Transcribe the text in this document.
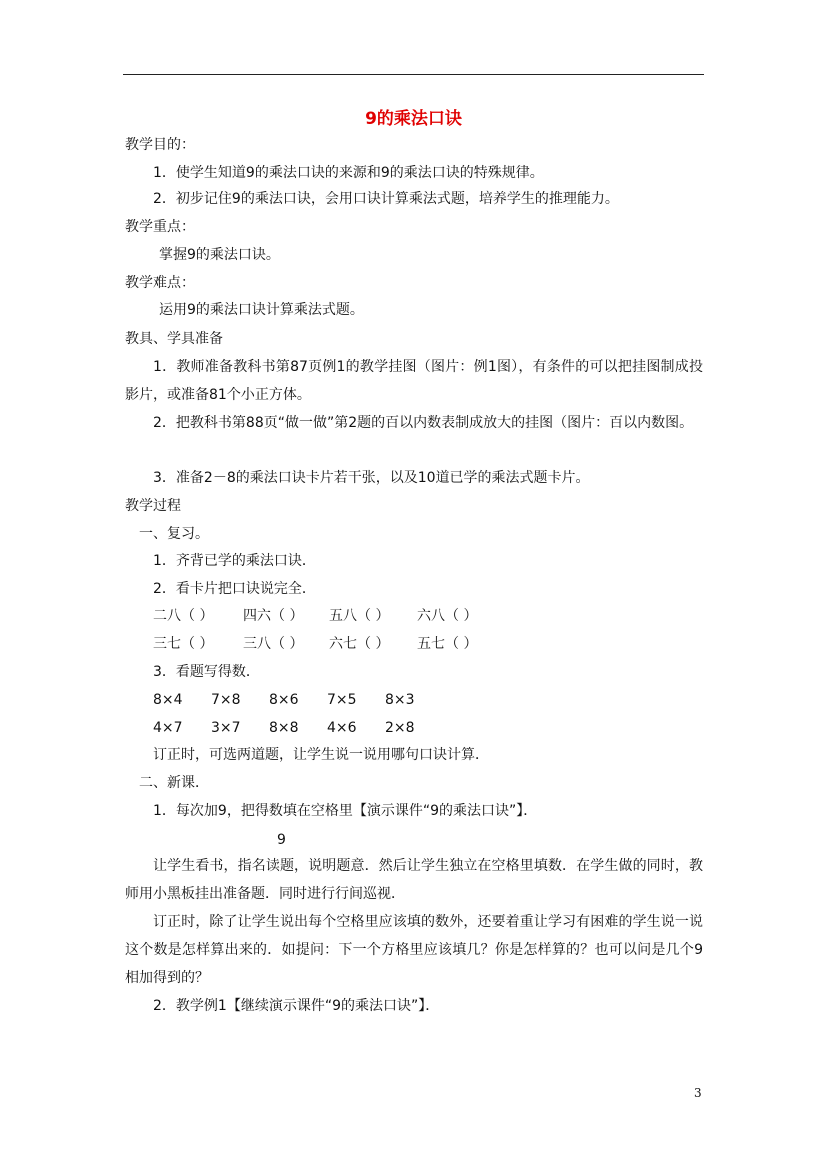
9的乘法口诀
教学目的：
1．使学生知道9的乘法口诀的来源和9的乘法口诀的特殊规律。
2．初步记住9的乘法口诀，会用口诀计算乘法式题，培养学生的推理能力。
教学重点：
掌握9的乘法口诀。
教学难点：
运用9的乘法口诀计算乘法式题。
教具、学具准备
1．教师准备教科书第87页例1的教学挂图（图片：例1图），有条件的可以把挂图制成投影片，或准备81个小正方体。
2．把教科书第88页“做一做”第2题的百以内数表制成放大的挂图（图片：百以内数图。
3．准备2－8的乘法口诀卡片若干张，以及10道已学的乘法式题卡片。
教学过程
一、复习。
1．齐背已学的乘法口诀．
2．看卡片把口诀说完全．
二八（ ） 四六（ ） 五八（ ） 六八（ ）
三七（ ） 三八（ ） 六七（ ） 五七（ ）
3．看题写得数．
8×4 7×8 8×6 7×5 8×3
4×7 3×7 8×8 4×6 2×8
订正时，可选两道题，让学生说一说用哪句口诀计算．
二、新课．
1．每次加9，把得数填在空格里【演示课件“9的乘法口诀”】．
9
让学生看书，指名读题，说明题意．然后让学生独立在空格里填数．在学生做的同时，教师用小黑板挂出准备题．同时进行行间巡视．
订正时，除了让学生说出每个空格里应该填的数外，还要着重让学习有困难的学生说一说这个数是怎样算出来的．如提问：下一个方格里应该填几？你是怎样算的？也可以问是几个9相加得到的？
2．教学例1【继续演示课件“9的乘法口诀”】．
3
